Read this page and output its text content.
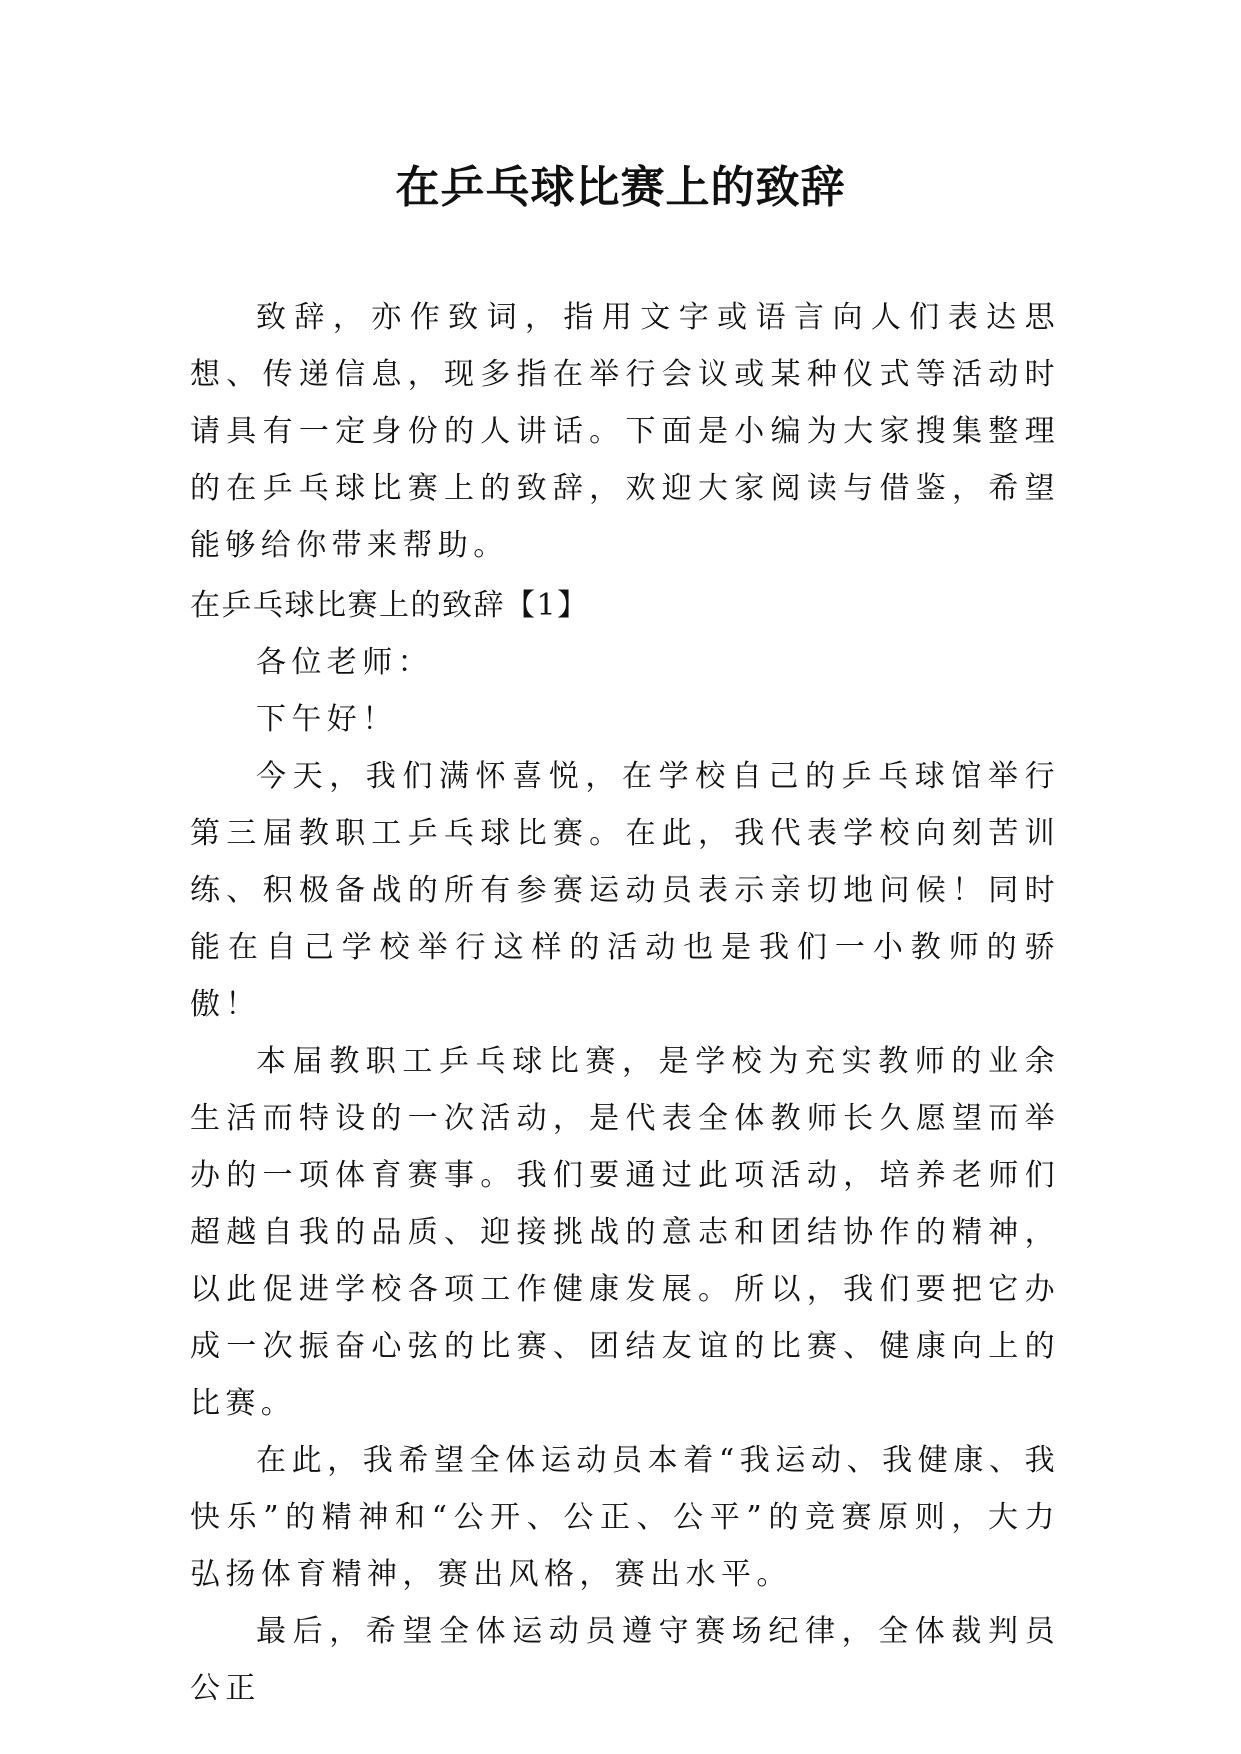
在乒乓球比赛上的致辞

致辞，亦作致词，指用文字或语言向人们表达思想、传递信息，现多指在举行会议或某种仪式等活动时请具有一定身份的人讲话。下面是小编为大家搜集整理的在乒乓球比赛上的致辞，欢迎大家阅读与借鉴，希望能够给你带来帮助。

在乒乓球比赛上的致辞【1】

各位老师：

下午好！

今天，我们满怀喜悦，在学校自己的乒乓球馆举行第三届教职工乒乓球比赛。在此，我代表学校向刻苦训练、积极备战的所有参赛运动员表示亲切地问候！同时能在自己学校举行这样的活动也是我们一小教师的骄傲！

本届教职工乒乓球比赛，是学校为充实教师的业余生活而特设的一次活动，是代表全体教师长久愿望而举办的一项体育赛事。我们要通过此项活动，培养老师们超越自我的品质、迎接挑战的意志和团结协作的精神，以此促进学校各项工作健康发展。所以，我们要把它办成一次振奋心弦的比赛、团结友谊的比赛、健康向上的比赛。

在此，我希望全体运动员本着“我运动、我健康、我快乐”的精神和“公开、公正、公平”的竞赛原则，大力弘扬体育精神，赛出风格，赛出水平。

最后，希望全体运动员遵守赛场纪律，全体裁判员公正
